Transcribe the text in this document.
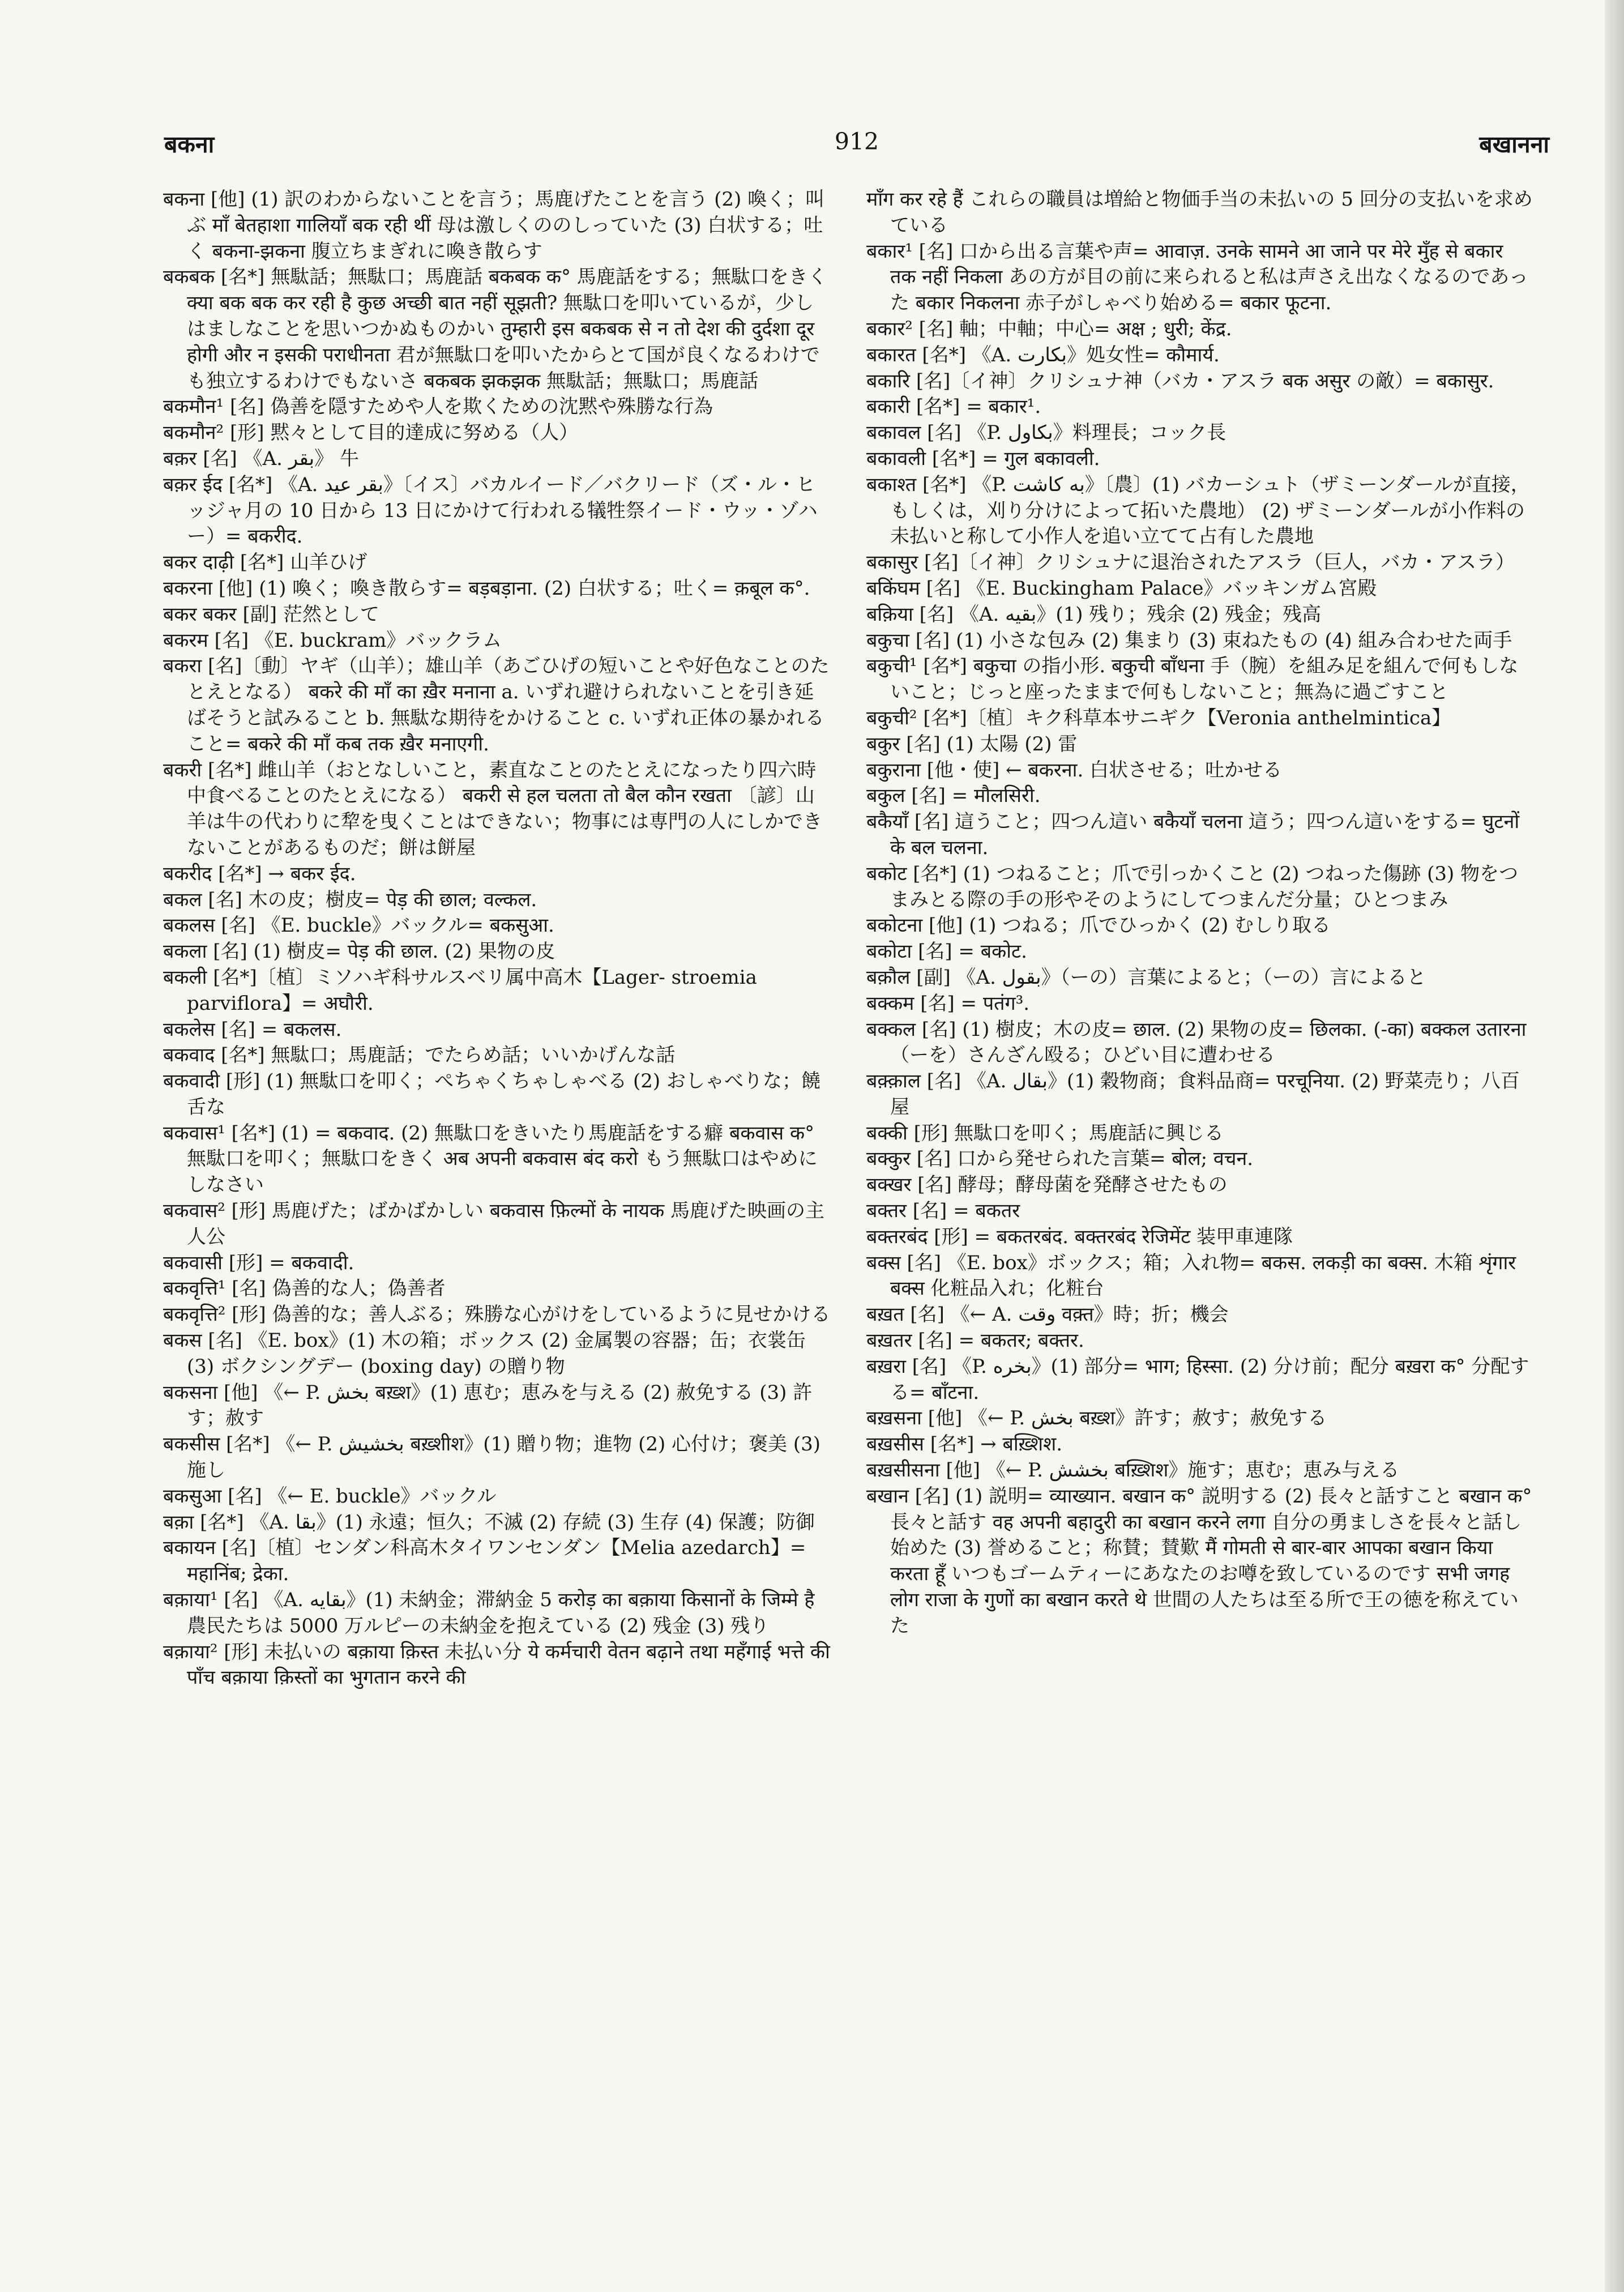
बकना	912	बखानना

बकना [他] (1) 訳のわからないことを言う；馬鹿げたことを言う (2) 喚く；叫ぶ माँ बेतहाशा गालियाँ बक रही थीं 母は激しくののしっていた (3) 白状する；吐く बकना-झकना 腹立ちまぎれに喚き散らす

बकबक [名*] 無駄話；無駄口；馬鹿話 बकबक क° 馬鹿話をする；無駄口をきく क्या बक बक कर रही है कुछ अच्छी बात नहीं सूझती? 無駄口を叩いているが，少しはましなことを思いつかぬものかい तुम्हारी इस बकबक से न तो देश की दुर्दशा दूर होगी और न इसकी पराधीनता 君が無駄口を叩いたからとて国が良くなるわけでも独立するわけでもないさ बकबक झकझक 無駄話；無駄口；馬鹿話

बकमौन¹ [名] 偽善を隠すためや人を欺くための沈黙や殊勝な行為

बकमौन² [形] 黙々として目的達成に努める（人）

बक़र [名] 《A. بقر》 牛

बक़र ईद [名*] 《A. بقر عيد》〔イス〕バカルイード／バクリード（ズ・ル・ヒッジャ月の 10 日から 13 日にかけて行われる犠牲祭イード・ウッ・ゾハー）= बकरीद.

बकर दाढ़ी [名*] 山羊ひげ

बकरना [他] (1) 喚く；喚き散らす= बड़बड़ाना. (2) 白状する；吐く= क़बूल क°.

बकर बकर [副] 茫然として

बकरम [名] 《E. buckram》バックラム

बकरा [名]〔動〕ヤギ（山羊）；雄山羊（あごひげの短いことや好色なことのたとえとなる） बकरे की माँ का ख़ैर मनाना a. いずれ避けられないことを引き延ばそうと試みること b. 無駄な期待をかけること c. いずれ正体の暴かれること= बकरे की माँ कब तक ख़ैर मनाएगी.

बकरी [名*] 雌山羊（おとなしいこと，素直なことのたとえになったり四六時中食べることのたとえになる） बकरी से हल चलता तो बैल कौन रखता 〔諺〕山羊は牛の代わりに犂を曳くことはできない；物事には専門の人にしかできないことがあるものだ；餅は餅屋

बकरीद [名*] → बकर ईद.

बकल [名] 木の皮；樹皮= पेड़ की छाल; वल्कल.

बकलस [名] 《E. buckle》バックル= बकसुआ.

बकला [名] (1) 樹皮= पेड़ की छाल. (2) 果物の皮

बकली [名*]〔植〕ミソハギ科サルスベリ属中高木【Lager- stroemia parviflora】= अघौरी.

बकलेस [名] = बकलस.

बकवाद [名*] 無駄口；馬鹿話；でたらめ話；いいかげんな話

बकवादी [形] (1) 無駄口を叩く；ぺちゃくちゃしゃべる (2) おしゃべりな；饒舌な

बकवास¹ [名*] (1) = बकवाद. (2) 無駄口をきいたり馬鹿話をする癖 बकवास क° 無駄口を叩く；無駄口をきく अब अपनी बकवास बंद करो もう無駄口はやめにしなさい

बकवास² [形] 馬鹿げた；ばかばかしい बकवास फ़िल्मों के नायक 馬鹿げた映画の主人公

बकवासी [形] = बकवादी.

बकवृत्ति¹ [名] 偽善的な人；偽善者

बकवृत्ति² [形] 偽善的な；善人ぶる；殊勝な心がけをしているように見せかける

बकस [名] 《E. box》(1) 木の箱；ボックス (2) 金属製の容器；缶；衣裳缶 (3) ボクシングデー (boxing day) の贈り物

बकसना [他] 《← P. بخش बख़्श》(1) 恵む；恵みを与える (2) 赦免する (3) 許す；赦す

बकसीस [名*] 《← P. بخشيش बख़्शीश》(1) 贈り物；進物 (2) 心付け；褒美 (3) 施し

बकसुआ [名] 《← E. buckle》バックル

बक़ा [名*] 《A. بقا》(1) 永遠；恒久；不滅 (2) 存続 (3) 生存 (4) 保護；防御

बकायन [名]〔植〕センダン科高木タイワンセンダン【Melia azedarch】= महानिंब; द्रेका.

बक़ाया¹ [名] 《A. بقايه》(1) 未納金；滞納金 5 करोड़ का बक़ाया किसानों के जिम्मे है 農民たちは 5000 万ルピーの未納金を抱えている (2) 残金 (3) 残り

बक़ाया² [形] 未払いの बक़ाया क़िस्त 未払い分 ये कर्मचारी वेतन बढ़ाने तथा महँगाई भत्ते की पाँच बक़ाया क़िस्तों का भुगतान करने की

माँग कर रहे हैं これらの職員は増給と物価手当の未払いの 5 回分の支払いを求めている

बकार¹ [名] 口から出る言葉や声= आवाज़. उनके सामने आ जाने पर मेरे मुँह से बकार तक नहीं निकला あの方が目の前に来られると私は声さえ出なくなるのであった बकार निकलना 赤子がしゃべり始める= बकार फूटना.

बकार² [名] 軸；中軸；中心= अक्ष ; धुरी; केंद्र.

बकारत [名*] 《A. بكارت》処女性= कौमार्य.

बकारि [名]〔イ神〕クリシュナ神（バカ・アスラ बक असुर の敵）= बकासुर.

बकारी [名*] = बकार¹.

बकावल [名] 《P. بكاول》料理長；コック長

बकावली [名*] = गुल बकावली.

बकाश्त [名*] 《P. به كاشت》〔農〕(1) バカーシュト（ザミーンダールが直接，もしくは，刈り分けによって拓いた農地） (2) ザミーンダールが小作料の未払いと称して小作人を追い立てて占有した農地

बकासुर [名]〔イ神〕クリシュナに退治されたアスラ（巨人，バカ・アスラ）

बकिंघम [名] 《E. Buckingham Palace》バッキンガム宮殿

बक़िया [名] 《A. بقيه》(1) 残り；残余 (2) 残金；残高

बकुचा [名] (1) 小さな包み (2) 集まり (3) 束ねたもの (4) 組み合わせた両手

बकुची¹ [名*] बकुचा の指小形. बकुची बाँधना 手（腕）を組み足を組んで何もしないこと；じっと座ったままで何もしないこと；無為に過ごすこと

बकुची² [名*]〔植〕キク科草本サニギク【Veronia anthelmintica】

बकुर [名] (1) 太陽 (2) 雷

बकुराना [他・使] ← बकरना. 白状させる；吐かせる

बकुल [名] = मौलसिरी.

बकैयाँ [名] 這うこと；四つん這い बकैयाँ चलना 這う；四つん這いをする= घुटनों के बल चलना.

बकोट [名*] (1) つねること；爪で引っかくこと (2) つねった傷跡 (3) 物をつまみとる際の手の形やそのようにしてつまんだ分量；ひとつまみ

बकोटना [他] (1) つねる；爪でひっかく (2) むしり取る

बकोटा [名] = बकोट.

बक़ौल [副] 《A. بقول》（ーの）言葉によると；（ーの）言によると

बक्कम [名] = पतंग³.

बक्कल [名] (1) 樹皮；木の皮= छाल. (2) 果物の皮= छिलका. (-का) बक्कल उतारना（ーを）さんざん殴る；ひどい目に遭わせる

बक़्क़ाल [名] 《A. بقال》(1) 穀物商；食料品商= परचूनिया. (2) 野菜売り；八百屋

बक्की [形] 無駄口を叩く；馬鹿話に興じる

बक्कुर [名] 口から発せられた言葉= बोल; वचन.

बक्खर [名] 酵母；酵母菌を発酵させたもの

बक्तर [名] = बकतर

बक्तरबंद [形] = बकतरबंद. बक्तरबंद रेजिमेंट 装甲車連隊

बक्स [名] 《E. box》ボックス；箱；入れ物= बकस. लकड़ी का बक्स. 木箱 शृंगार बक्स 化粧品入れ；化粧台

बख़त [名] 《← A. وقت वक़्त》時；折；機会

बख़तर [名] = बकतर; बक्तर.

बख़रा [名] 《P. بخره》(1) 部分= भाग; हिस्सा. (2) 分け前；配分 बख़रा क° 分配する= बाँटना.

बख़सना [他] 《← P. بخش बख़्श》許す；赦す；赦免する

बख़सीस [名*] → बख़्शिश.

बख़सीसना [他] 《← P. بخشش बख़्शिश》施す；恵む；恵み与える

बखान [名] (1) 説明= व्याख्यान. बखान क° 説明する (2) 長々と話すこと बखान क° 長々と話す वह अपनी बहादुरी का बखान करने लगा 自分の勇ましさを長々と話し始めた (3) 誉めること；称賛；賛歎 मैं गोमती से बार-बार आपका बखान किया करता हूँ いつもゴームティーにあなたのお噂を致しているのです सभी जगह लोग राजा के गुणों का बखान करते थे 世間の人たちは至る所で王の徳を称えていた
